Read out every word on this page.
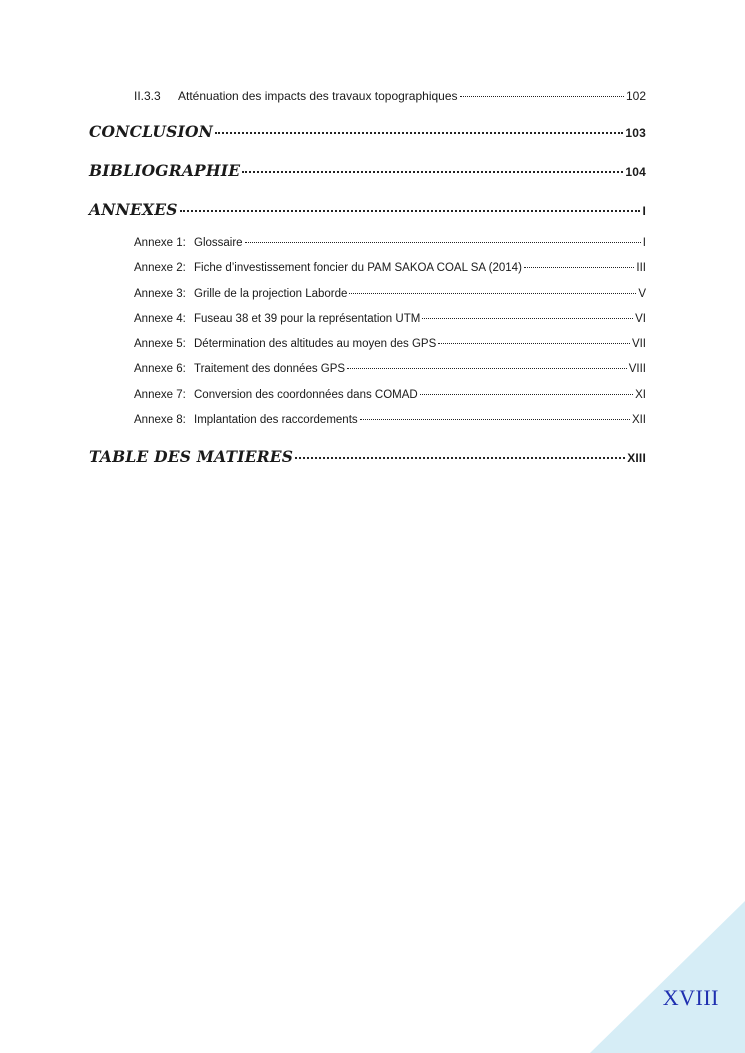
II.3.3	Atténuation des impacts des travaux topographiques	102
CONCLUSION	103
BIBLIOGRAPHIE	104
ANNEXES	I
Annexe 1: Glossaire	I
Annexe 2: Fiche d’investissement foncier du PAM SAKOA COAL SA (2014)	III
Annexe 3: Grille de la projection Laborde	V
Annexe 4: Fuseau 38 et 39 pour la représentation UTM	VI
Annexe 5: Détermination des altitudes au moyen des GPS	VII
Annexe 6: Traitement des données GPS	VIII
Annexe 7: Conversion des coordonnées dans COMAD	XI
Annexe 8: Implantation des raccordements	XII
TABLE DES MATIERES	XIII
XVIII
